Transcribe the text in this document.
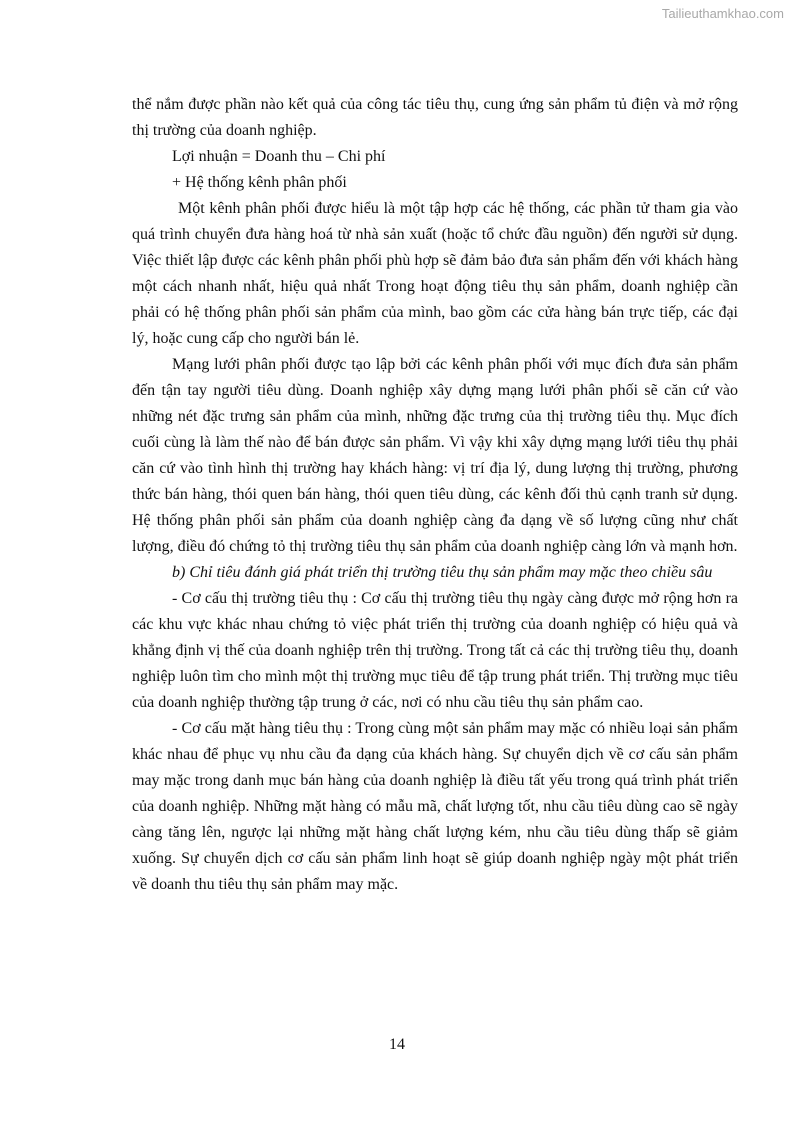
Tailieuthamkhao.com

thể nắm được phần nào kết quả của công tác tiêu thụ, cung ứng sản phẩm tủ điện và mở rộng thị trường của doanh nghiệp.

Lợi nhuận = Doanh thu – Chi phí

+ Hệ thống kênh phân phối

Một kênh phân phối được hiểu là một tập hợp các hệ thống, các phần tử tham gia vào quá trình chuyển đưa hàng hoá từ nhà sản xuất (hoặc tổ chức đầu nguồn) đến người sử dụng. Việc thiết lập được các kênh phân phối phù hợp sẽ đảm bảo đưa sản phẩm đến với khách hàng một cách nhanh nhất, hiệu quả nhất Trong hoạt động tiêu thụ sản phẩm, doanh nghiệp cần phải có hệ thống phân phối sản phẩm của mình, bao gồm các cửa hàng bán trực tiếp, các đại lý, hoặc cung cấp cho người bán lẻ.

Mạng lưới phân phối được tạo lập bởi các kênh phân phối với mục đích đưa sản phẩm đến tận tay người tiêu dùng. Doanh nghiệp xây dựng mạng lưới phân phối sẽ căn cứ vào những nét đặc trưng sản phẩm của mình, những đặc trưng của thị trường tiêu thụ. Mục đích cuối cùng là làm thế nào để bán được sản phẩm. Vì vậy khi xây dựng mạng lưới tiêu thụ phải căn cứ vào tình hình thị trường hay khách hàng: vị trí địa lý, dung lượng thị trường, phương thức bán hàng, thói quen bán hàng, thói quen tiêu dùng, các kênh đối thủ cạnh tranh sử dụng. Hệ thống phân phối sản phẩm của doanh nghiệp càng đa dạng về số lượng cũng như chất lượng, điều đó chứng tỏ thị trường tiêu thụ sản phẩm của doanh nghiệp càng lớn và mạnh hơn.

b) Chỉ tiêu đánh giá phát triển thị trường tiêu thụ sản phẩm may mặc theo chiều sâu

- Cơ cấu thị trường tiêu thụ : Cơ cấu thị trường tiêu thụ ngày càng được mở rộng hơn ra các khu vực khác nhau chứng tỏ việc phát triển thị trường của doanh nghiệp có hiệu quả và khẳng định vị thế của doanh nghiệp trên thị trường. Trong tất cả các thị trường tiêu thụ, doanh nghiệp luôn tìm cho mình một thị trường mục tiêu để tập trung phát triển. Thị trường mục tiêu của doanh nghiệp thường tập trung ở các, nơi có nhu cầu tiêu thụ sản phẩm cao.

- Cơ cấu mặt hàng tiêu thụ : Trong cùng một sản phẩm may mặc có nhiều loại sản phẩm khác nhau để phục vụ nhu cầu đa dạng của khách hàng. Sự chuyển dịch về cơ cấu sản phẩm may mặc trong danh mục bán hàng của doanh nghiệp là điều tất yếu trong quá trình phát triển của doanh nghiệp. Những mặt hàng có mẫu mã, chất lượng tốt, nhu cầu tiêu dùng cao sẽ ngày càng tăng lên, ngược lại những mặt hàng chất lượng kém, nhu cầu tiêu dùng thấp sẽ giảm xuống. Sự chuyển dịch cơ cấu sản phẩm linh hoạt sẽ giúp doanh nghiệp ngày một phát triển về doanh thu tiêu thụ sản phẩm may mặc.

14
